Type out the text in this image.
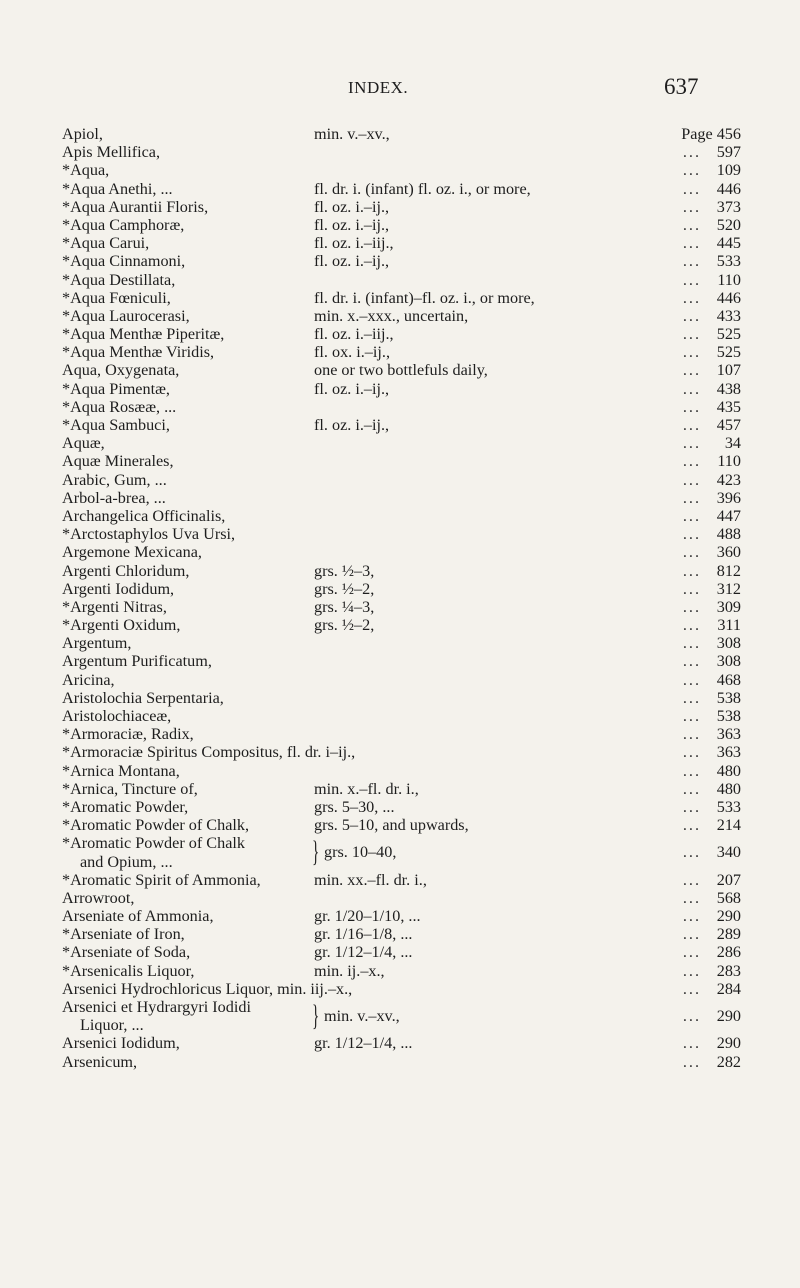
INDEX.	637
Apiol,	min. v.–xv.,	Page 456
Apis Mellifica,	597
...
*Aqua,	109
...
*Aqua Anethi, ...	fl. dr. i. (infant) fl. oz. i., or more,	446
...
*Aqua Aurantii Floris,	fl. oz. i.–ij.,	373
...
*Aqua Camphoræ,	fl. oz. i.–ij.,	520
...
*Aqua Carui,	fl. oz. i.–iij.,	445
...
*Aqua Cinnamoni,	fl. oz. i.–ij.,	533
...
*Aqua Destillata,	110
...
*Aqua Fœniculi,	fl. dr. i. (infant)–fl. oz. i., or more,	446
...
*Aqua Laurocerasi,	min. x.–xxx., uncertain,	433
...
*Aqua Menthæ Piperitæ,	fl. oz. i.–iij.,	525
...
*Aqua Menthæ Viridis,	fl. ox. i.–ij.,	525
...
Aqua, Oxygenata,	one or two bottlefuls daily,	107
...
*Aqua Pimentæ,	fl. oz. i.–ij.,	438
...
*Aqua Rosææ, ...	435
...
*Aqua Sambuci,	fl. oz. i.–ij.,	457
...
Aquæ,	34
...
Aquæ Minerales,	110
...
Arabic, Gum, ...	423
...
Arbol-a-brea, ...	396
...
Archangelica Officinalis,	447
...
*Arctostaphylos Uva Ursi,	488
...
Argemone Mexicana,	360
...
Argenti Chloridum,	grs. ½–3,	812
...
Argenti Iodidum,	grs. ½–2,	312
...
*Argenti Nitras,	grs. ¼–3,	309
...
*Argenti Oxidum,	grs. ½–2,	311
...
Argentum,	308
...
Argentum Purificatum,	308
...
Aricina,	468
...
Aristolochia Serpentaria,	538
...
Aristolochiaceæ,	538
...
*Armoraciæ, Radix,	363
...
*Armoraciæ Spiritus Compositus, fl. dr. i–ij.,	363
...
*Arnica Montana,	480
...
*Arnica, Tincture of,	min. x.–fl. dr. i.,	480
...
*Aromatic Powder,	grs. 5–30, ...	533
...
*Aromatic Powder of Chalk,	grs. 5–10, and upwards,	214
...
*Aromatic Powder of Chalk
and Opium, ...	} grs. 10–40,	340
...
*Aromatic Spirit of Ammonia,	min. xx.–fl. dr. i.,	207
...
Arrowroot,	568
...
Arseniate of Ammonia,	gr. 1/20–1/10, ...	290
...
*Arseniate of Iron,	gr. 1/16–1/8, ...	289
...
*Arseniate of Soda,	gr. 1/12–1/4, ...	286
...
*Arsenicalis Liquor,	min. ij.–x.,	283
...
Arsenici Hydrochloricus Liquor, min. iij.–x.,	284
...
Arsenici et Hydrargyri Iodidi
Liquor, ...	} min. v.–xv.,	290
...
Arsenici Iodidum,	gr. 1/12–1/4, ...	290
...
Arsenicum,	282
...
